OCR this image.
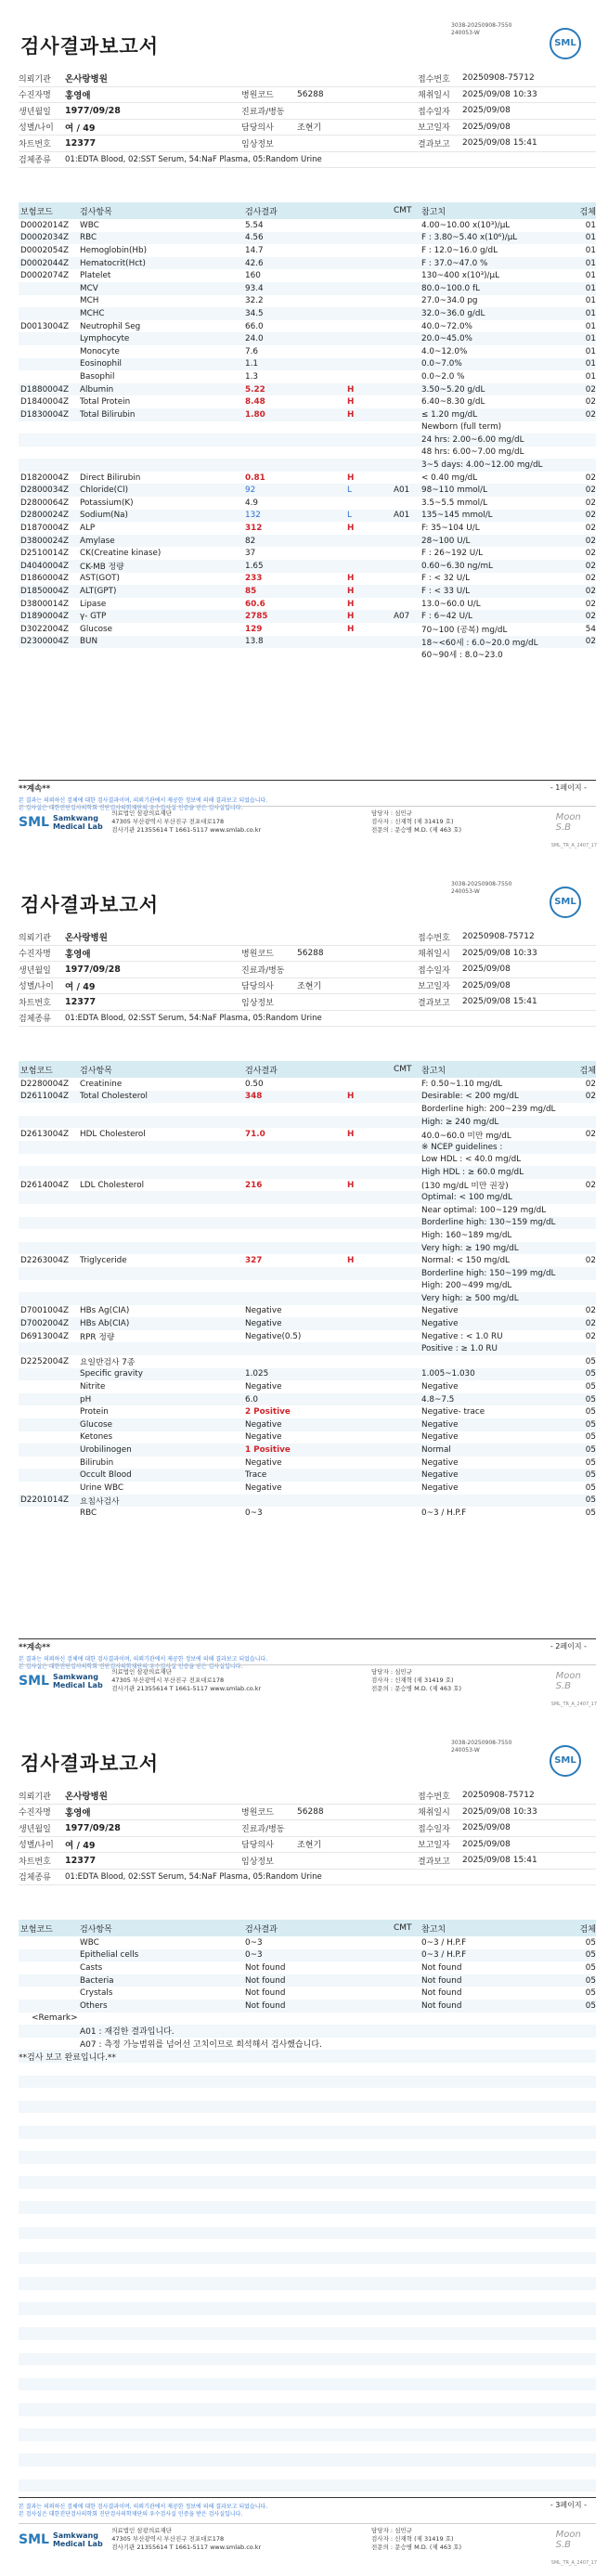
3038-20250908-7550
240053-W
SML
검사결과보고서
의뢰기관	온사랑병원	접수번호	20250908-75712
수진자명	홍영애	병원코드	56288	채취일시	2025/09/08 10:33
생년월일	1977/09/28	진료과/병동	접수일자	2025/09/08
성별/나이	여 / 49	담당의사	조현기	보고일자	2025/09/08
차트번호	12377	임상정보	결과보고	2025/09/08 15:41
검체종류	01:EDTA Blood, 02:SST Serum, 54:NaF Plasma, 05:Random Urine
보험코드	검사항목	검사결과	CMT	참고치	검체
D0002014Z	WBC	5.54	4.00~10.00 x(10³)/μL	01
D0002034Z	RBC	4.56	F : 3.80~5.40 x(10⁶)/μL	01
D0002054Z	Hemoglobin(Hb)	14.7	F : 12.0~16.0 g/dL	01
D0002044Z	Hematocrit(Hct)	42.6	F : 37.0~47.0 %	01
D0002074Z	Platelet	160	130~400 x(10³)/μL	01
MCV	93.4	80.0~100.0 fL	01
MCH	32.2	27.0~34.0 pg	01
MCHC	34.5	32.0~36.0 g/dL	01
D0013004Z	Neutrophil Seg	66.0	40.0~72.0%	01
Lymphocyte	24.0	20.0~45.0%	01
Monocyte	7.6	4.0~12.0%	01
Eosinophil	1.1	0.0~7.0%	01
Basophil	1.3	0.0~2.0 %	01
D1880004Z	Albumin	5.22	H	3.50~5.20 g/dL	02
D1840004Z	Total Protein	8.48	H	6.40~8.30 g/dL	02
D1830004Z	Total Bilirubin	1.80	H	≤ 1.20 mg/dL	02
Newborn (full term)
24 hrs: 2.00~6.00 mg/dL
48 hrs: 6.00~7.00 mg/dL
3~5 days: 4.00~12.00 mg/dL
D1820004Z	Direct Bilirubin	0.81	H	< 0.40 mg/dL	02
D2800034Z	Chloride(Cl)	92	L	A01	98~110 mmol/L	02
D2800064Z	Potassium(K)	4.9	3.5~5.5 mmol/L	02
D2800024Z	Sodium(Na)	132	L	A01	135~145 mmol/L	02
D1870004Z	ALP	312	H	F: 35~104 U/L	02
D3800024Z	Amylase	82	28~100 U/L	02
D2510014Z	CK(Creatine kinase)	37	F : 26~192 U/L	02
D4040004Z	CK-MB 정량	1.65	0.60~6.30 ng/mL	02
D1860004Z	AST(GOT)	233	H	F : < 32 U/L	02
D1850004Z	ALT(GPT)	85	H	F : < 33 U/L	02
D3800014Z	Lipase	60.6	H	13.0~60.0 U/L	02
D1890004Z	γ- GTP	2785	H	A07	F : 6~42 U/L	02
D3022004Z	Glucose	129	H	70~100 (공복) mg/dL	54
D2300004Z	BUN	13.8	18~<60세 : 6.0~20.0 mg/dL	02
60~90세 : 8.0~23.0
**계속**	- 1페이지 -
본 결과는 의뢰하신 검체에 대한 검사결과이며, 의뢰기관에서 제공한 정보에 의해 결과보고 되었습니다.
본 검사실은 대한진단검사의학회 진단검사의학재단의 우수검사실 인증을 받은 검사실입니다.
SML Samkwang
Medical Lab
의료법인 삼광의료재단
47305 부산광역시 부산진구 전포대로178
검사기관 21355614 T 1661-5117 www.smlab.co.kr
담당자 : 심민규
검사자 : 신재혁 (제 31419 호)
전문의 : 문승병 M.D. (제 463 호)
Moon S.B
SML_TR_A_2407_17
3038-20250908-7550
240053-W
SML
검사결과보고서
의뢰기관	온사랑병원	접수번호	20250908-75712
수진자명	홍영애	병원코드	56288	채취일시	2025/09/08 10:33
생년월일	1977/09/28	진료과/병동	접수일자	2025/09/08
성별/나이	여 / 49	담당의사	조현기	보고일자	2025/09/08
차트번호	12377	임상정보	결과보고	2025/09/08 15:41
검체종류	01:EDTA Blood, 02:SST Serum, 54:NaF Plasma, 05:Random Urine
보험코드	검사항목	검사결과	CMT	참고치	검체
D2280004Z	Creatinine	0.50	F: 0.50~1.10 mg/dL	02
D2611004Z	Total Cholesterol	348	H	Desirable: < 200 mg/dL	02
Borderline high: 200~239 mg/dL
High: ≥ 240 mg/dL
D2613004Z	HDL Cholesterol	71.0	H	40.0~60.0 미만 mg/dL	02
※ NCEP guidelines :
Low HDL : < 40.0 mg/dL
High HDL : ≥ 60.0 mg/dL
D2614004Z	LDL Cholesterol	216	H	(130 mg/dL 미만 권장)	02
Optimal: < 100 mg/dL
Near optimal: 100~129 mg/dL
Borderline high: 130~159 mg/dL
High: 160~189 mg/dL
Very high: ≥ 190 mg/dL
D2263004Z	Triglyceride	327	H	Normal: < 150 mg/dL	02
Borderline high: 150~199 mg/dL
High: 200~499 mg/dL
Very high: ≥ 500 mg/dL
D7001004Z	HBs Ag(CIA)	Negative	Negative	02
D7002004Z	HBs Ab(CIA)	Negative	Negative	02
D6913004Z	RPR 정량	Negative(0.5)	Negative : < 1.0 RU	02
Positive : ≥ 1.0 RU
D2252004Z	요일반검사 7종	05
Specific gravity	1.025	1.005~1.030	05
Nitrite	Negative	Negative	05
pH	6.0	4.8~7.5	05
Protein	2 Positive	Negative- trace	05
Glucose	Negative	Negative	05
Ketones	Negative	Negative	05
Urobilinogen	1 Positive	Normal	05
Bilirubin	Negative	Negative	05
Occult Blood	Trace	Negative	05
Urine WBC	Negative	Negative	05
D2201014Z	요침사검사	05
RBC	0~3	0~3 / H.P.F	05
**계속**	- 2페이지 -
본 결과는 의뢰하신 검체에 대한 검사결과이며, 의뢰기관에서 제공한 정보에 의해 결과보고 되었습니다.
본 검사실은 대한진단검사의학회 진단검사의학재단의 우수검사실 인증을 받은 검사실입니다.
SML Samkwang
Medical Lab
의료법인 삼광의료재단
47305 부산광역시 부산진구 전포대로178
검사기관 21355614 T 1661-5117 www.smlab.co.kr
담당자 : 심민규
검사자 : 신재혁 (제 31419 호)
전문의 : 문승병 M.D. (제 463 호)
Moon S.B
SML_TR_A_2407_17
3038-20250908-7550
240053-W
SML
검사결과보고서
의뢰기관	온사랑병원	접수번호	20250908-75712
수진자명	홍영애	병원코드	56288	채취일시	2025/09/08 10:33
생년월일	1977/09/28	진료과/병동	접수일자	2025/09/08
성별/나이	여 / 49	담당의사	조현기	보고일자	2025/09/08
차트번호	12377	임상정보	결과보고	2025/09/08 15:41
검체종류	01:EDTA Blood, 02:SST Serum, 54:NaF Plasma, 05:Random Urine
보험코드	검사항목	검사결과	CMT	참고치	검체
WBC	0~3	0~3 / H.P.F	05
Epithelial cells	0~3	0~3 / H.P.F	05
Casts	Not found	Not found	05
Bacteria	Not found	Not found	05
Crystals	Not found	Not found	05
Others	Not found	Not found	05
<Remark>
A01 : 재검한 결과입니다.
A07 : 측정 가능범위를 넘어선 고치이므로 희석해서 검사했습니다.
**검사 보고 완료입니다.**
- 3페이지 -
본 결과는 의뢰하신 검체에 대한 검사결과이며, 의뢰기관에서 제공한 정보에 의해 결과보고 되었습니다.
본 검사실은 대한진단검사의학회 진단검사의학재단의 우수검사실 인증을 받은 검사실입니다.
SML Samkwang
Medical Lab
의료법인 삼광의료재단
47305 부산광역시 부산진구 전포대로178
검사기관 21355614 T 1661-5117 www.smlab.co.kr
담당자 : 심민규
검사자 : 신재혁 (제 31419 호)
전문의 : 문승병 M.D. (제 463 호)
Moon S.B
SML_TR_A_2407_17
